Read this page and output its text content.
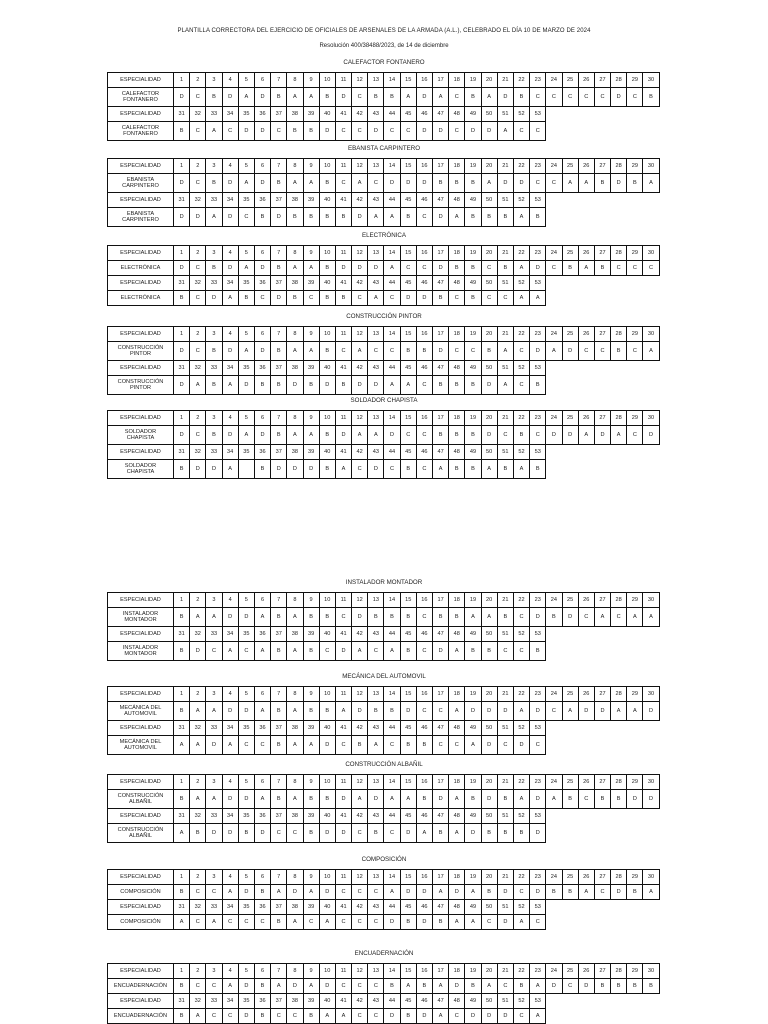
PLANTILLA CORRECTORA DEL EJERCICIO DE OFICIALES DE ARSENALES DE LA ARMADA (A.L.), CELEBRADO EL DÍA 10 DE MARZO DE 2024
Resolución 400/38488/2023, de 14 de diciembre
CALEFACTOR FONTANERO
ESPECIALIDAD	1	2	3	4	5	6	7	8	9	10	11	12	13	14	15	16	17	18	19	20	21	22	23	24	25	26	27	28	29	30

CALEFACTOR
FONTANERO	D	C	B	D	A	D	B	A	A	B	D	C	B	B	A	D	A	C	B	A	D	B	C	C	C	C	C	D	C	B
ESPECIALIDAD	31	32	33	34	35	36	37	38	39	40	41	42	43	44	45	46	47	48	49	50	51	52	53							

CALEFACTOR
FONTANERO	B	C	A	C	D	D	C	B	B	D	C	C	D	C	C	D	D	C	D	D	A	C	C							
EBANISTA CARPINTERO
ESPECIALIDAD	1	2	3	4	5	6	7	8	9	10	11	12	13	14	15	16	17	18	19	20	21	22	23	24	25	26	27	28	29	30

EBANISTA
CARPINTERO	D	C	B	D	A	D	B	A	A	B	C	A	C	D	D	D	B	B	B	A	D	D	C	C	A	A	B	D	B	A
ESPECIALIDAD	31	32	33	34	35	36	37	38	39	40	41	42	43	44	45	46	47	48	49	50	51	52	53							

EBANISTA
CARPINTERO	D	D	A	D	C	B	D	B	B	B	B	D	A	A	B	C	D	A	B	B	B	A	B							
ELECTRÓNICA
ESPECIALIDAD	1	2	3	4	5	6	7	8	9	10	11	12	13	14	15	16	17	18	19	20	21	22	23	24	25	26	27	28	29	30

ELECTRÓNICA	D	C	B	D	A	D	B	A	A	B	D	D	D	A	C	C	D	B	B	C	B	A	D	C	B	A	B	C	C	C
ESPECIALIDAD	31	32	33	34	35	36	37	38	39	40	41	42	43	44	45	46	47	48	49	50	51	52	53							

ELECTRÓNICA	B	C	D	A	B	C	D	B	C	B	B	C	A	C	D	D	B	C	B	C	C	A	A							
CONSTRUCCIÓN PINTOR
ESPECIALIDAD	1	2	3	4	5	6	7	8	9	10	11	12	13	14	15	16	17	18	19	20	21	22	23	24	25	26	27	28	29	30

CONSTRUCCIÓN
PINTOR	D	C	B	D	A	D	B	A	A	B	C	A	C	C	B	B	D	C	C	B	A	C	D	A	D	C	C	B	C	A
ESPECIALIDAD	31	32	33	34	35	36	37	38	39	40	41	42	43	44	45	46	47	48	49	50	51	52	53							

CONSTRUCCIÓN
PINTOR	D	A	B	A	D	B	B	D	B	D	B	D	D	A	A	C	B	B	B	D	A	C	B							
SOLDADOR CHAPISTA
ESPECIALIDAD	1	2	3	4	5	6	7	8	9	10	11	12	13	14	15	16	17	18	19	20	21	22	23	24	25	26	27	28	29	30

SOLDADOR
CHAPISTA	D	C	B	D	A	D	B	A	A	B	D	A	A	D	C	C	B	B	B	D	C	B	C	D	D	A	D	A	C	D
ESPECIALIDAD	31	32	33	34	35	36	37	38	39	40	41	42	43	44	45	46	47	48	49	50	51	52	53							

SOLDADOR
CHAPISTA	B	D	D	A		B	D	D	D	B	A	C	D	C	B	C	A	B	B	A	B	A	B							
INSTALADOR MONTADOR
ESPECIALIDAD	1	2	3	4	5	6	7	8	9	10	11	12	13	14	15	16	17	18	19	20	21	22	23	24	25	26	27	28	29	30

INSTALADOR
MONTADOR	B	A	A	D	D	A	B	A	B	B	C	D	B	B	B	C	B	B	A	A	B	C	D	B	D	C	A	C	A	A
ESPECIALIDAD	31	32	33	34	35	36	37	38	39	40	41	42	43	44	45	46	47	48	49	50	51	52	53							

INSTALADOR
MONTADOR	B	D	C	A	C	A	B	A	B	C	D	A	C	A	B	C	D	A	B	B	C	C	B							
MECÁNICA DEL AUTOMOVIL
ESPECIALIDAD	1	2	3	4	5	6	7	8	9	10	11	12	13	14	15	16	17	18	19	20	21	22	23	24	25	26	27	28	29	30

MECÁNICA DEL
AUTOMOVIL	B	A	A	D	D	A	B	A	B	B	A	D	B	B	D	C	C	A	D	D	D	A	D	C	A	D	D	A	A	D
ESPECIALIDAD	31	32	33	34	35	36	37	38	39	40	41	42	43	44	45	46	47	48	49	50	51	52	53							

MECÁNICA DEL
AUTOMOVIL	A	A	D	A	C	C	B	A	A	D	C	B	A	C	B	B	C	C	A	D	C	D	C							
CONSTRUCCIÓN ALBAÑIL
ESPECIALIDAD	1	2	3	4	5	6	7	8	9	10	11	12	13	14	15	16	17	18	19	20	21	22	23	24	25	26	27	28	29	30

CONSTRUCCIÓN
ALBAÑIL	B	A	A	D	D	A	B	A	B	B	D	A	D	A	A	B	D	A	B	D	B	A	D	A	B	C	B	B	D	D
ESPECIALIDAD	31	32	33	34	35	36	37	38	39	40	41	42	43	44	45	46	47	48	49	50	51	52	53							

CONSTRUCCIÓN
ALBAÑIL	A	B	D	D	B	D	C	C	B	D	D	C	B	C	D	A	B	A	D	B	B	B	D							
COMPOSICIÓN
ESPECIALIDAD	1	2	3	4	5	6	7	8	9	10	11	12	13	14	15	16	17	18	19	20	21	22	23	24	25	26	27	28	29	30

COMPOSICIÓN	B	C	C	A	D	B	A	D	A	D	C	C	C	A	D	D	A	D	A	B	D	C	D	B	B	A	C	D	B	A
ESPECIALIDAD	31	32	33	34	35	36	37	38	39	40	41	42	43	44	45	46	47	48	49	50	51	52	53							

COMPOSICIÓN	A	C	A	C	C	C	B	A	C	A	C	C	C	D	B	D	B	A	A	C	D	A	C							
ENCUADERNACIÓN
ESPECIALIDAD	1	2	3	4	5	6	7	8	9	10	11	12	13	14	15	16	17	18	19	20	21	22	23	24	25	26	27	28	29	30

ENCUADERNACIÓN	B	C	C	A	D	B	A	D	A	D	C	C	C	B	A	B	A	D	B	A	C	B	A	D	C	D	B	B	B	B
ESPECIALIDAD	31	32	33	34	35	36	37	38	39	40	41	42	43	44	45	46	47	48	49	50	51	52	53							

ENCUADERNACIÓN	B	A	C	C	D	B	C	C	B	A	A	C	C	D	B	D	A	C	D	D	D	C	A							
